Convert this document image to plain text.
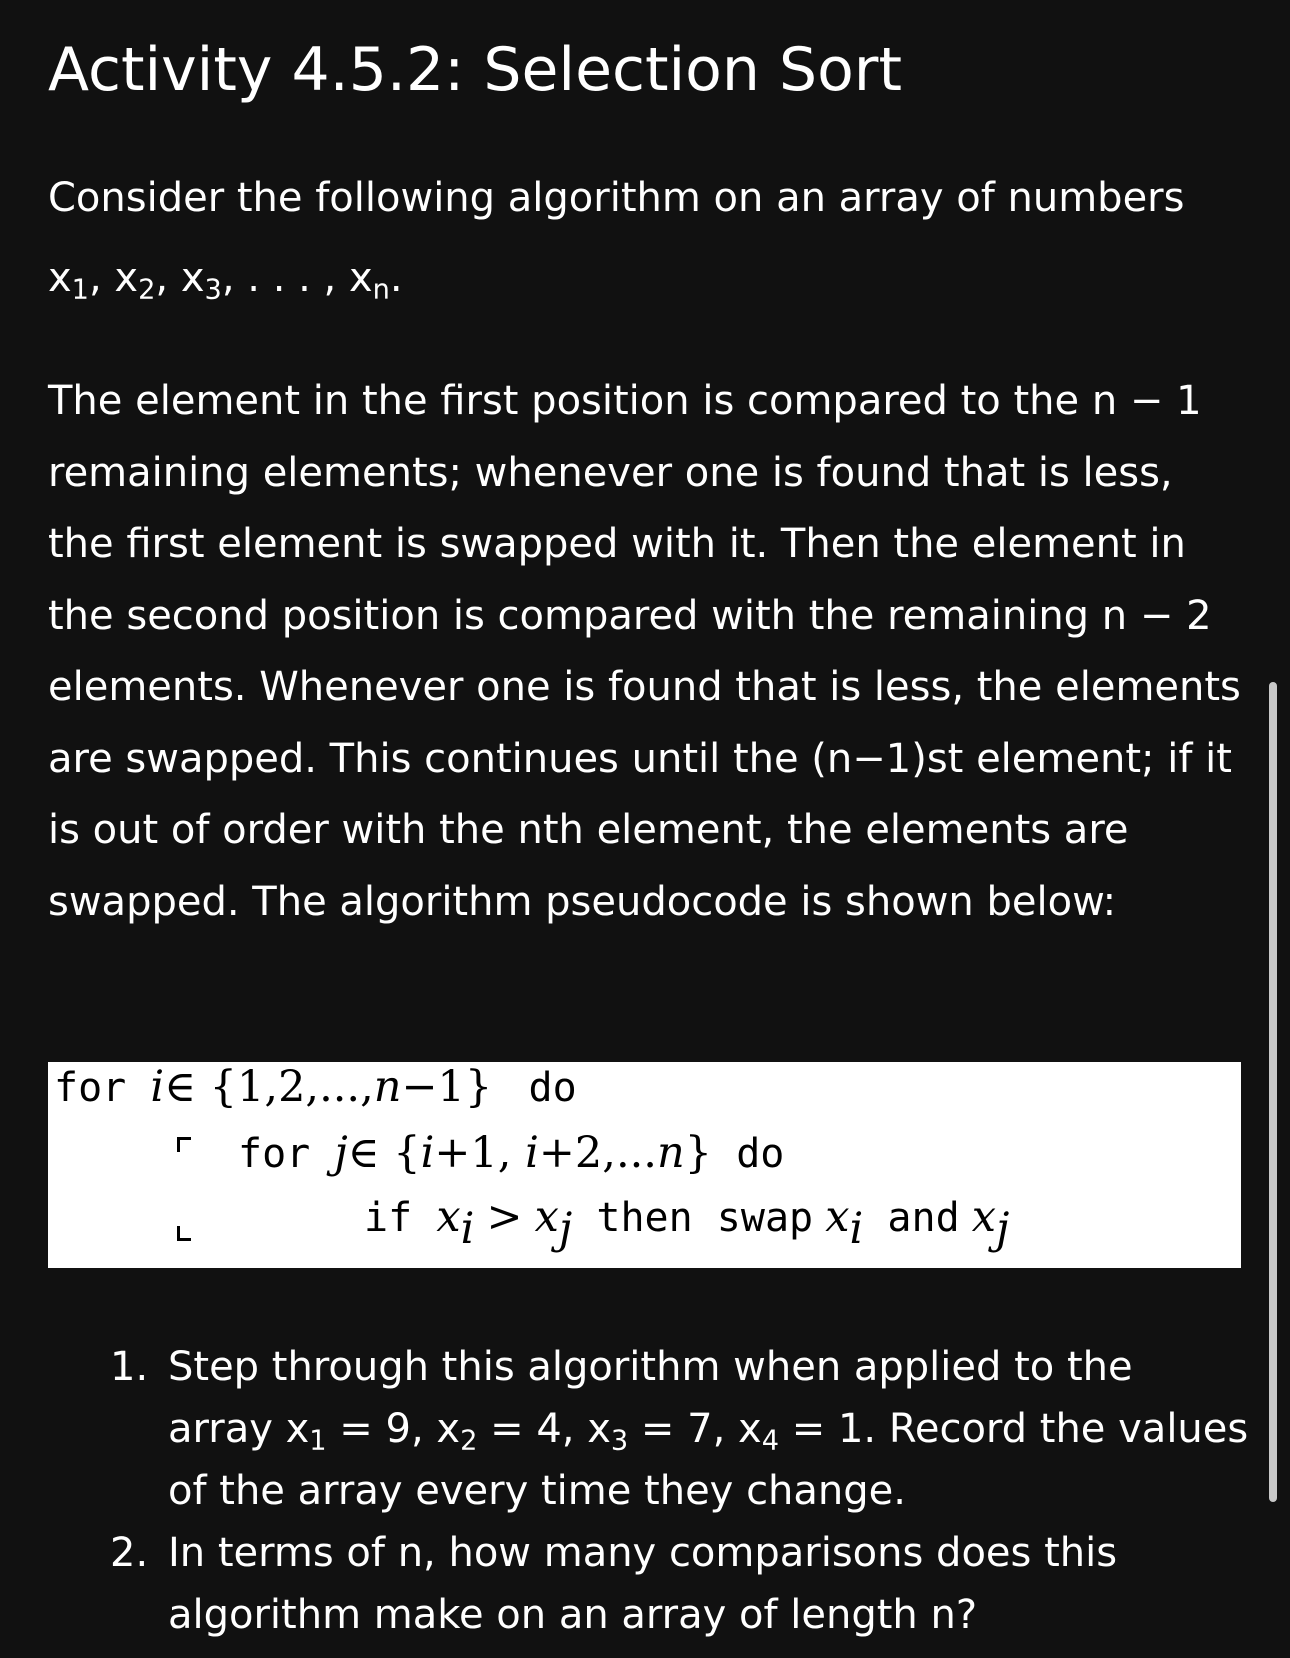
Activity 4.5.2: Selection Sort

Consider the following algorithm on an array of numbers
$x_1$, $x_2$, $x_3$, . . . , $x_n$.

The element in the first position is compared to the n − 1 remaining elements; whenever one is found that is less, the first element is swapped with it. Then the element in the second position is compared with the remaining n − 2 elements. Whenever one is found that is less, the elements are swapped. This continues until the (n−1)st element; if it is out of order with the nth element, the elements are swapped. The algorithm pseudocode is shown below:

for i∈ {1,2,...,n−1} do
for j∈ {i+1, i+2,...n} do
if $x_i > x_j$ then swap $x_i$ and $x_j$
1. Step through this algorithm when applied to the array $x_1 = 9$, $x_2 = 4$, $x_3 = 7$, $x_4 = 1$. Record the values of the array every time they change.
2. In terms of n, how many comparisons does this algorithm make on an array of length n?
